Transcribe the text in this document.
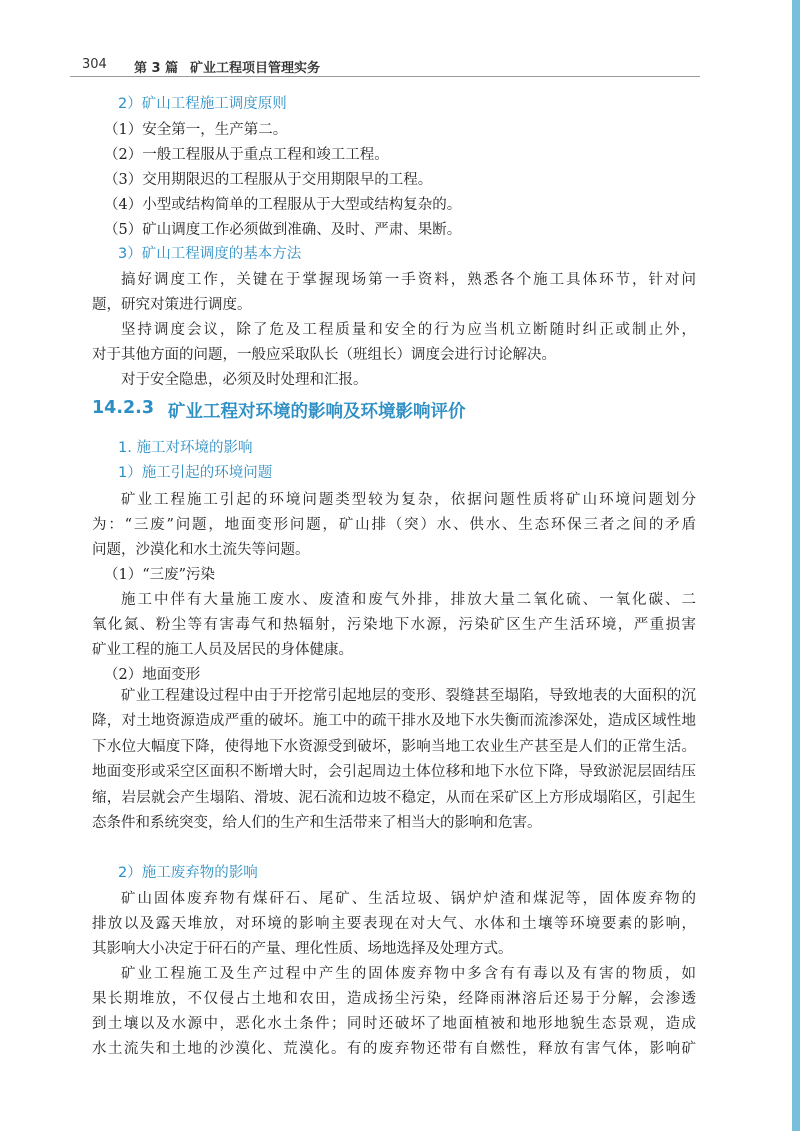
304 第 3 篇 矿业工程项目管理实务
2）矿山工程施工调度原则
（1）安全第一，生产第二。
（2）一般工程服从于重点工程和竣工工程。
（3）交用期限迟的工程服从于交用期限早的工程。
（4）小型或结构简单的工程服从于大型或结构复杂的。
（5）矿山调度工作必须做到准确、及时、严肃、果断。
3）矿山工程调度的基本方法
搞好调度工作，关键在于掌握现场第一手资料，熟悉各个施工具体环节，针对问
题，研究对策进行调度。
坚持调度会议，除了危及工程质量和安全的行为应当机立断随时纠正或制止外，
对于其他方面的问题，一般应采取队长（班组长）调度会进行讨论解决。
对于安全隐患，必须及时处理和汇报。
14.2.3 矿业工程对环境的影响及环境影响评价
1. 施工对环境的影响
1）施工引起的环境问题
矿业工程施工引起的环境问题类型较为复杂，依据问题性质将矿山环境问题划分
为：“三废”问题，地面变形问题，矿山排（突）水、供水、生态环保三者之间的矛盾
问题，沙漠化和水土流失等问题。
（1）“三废”污染
施工中伴有大量施工废水、废渣和废气外排，排放大量二氧化硫、一氧化碳、二
氧化氮、粉尘等有害毒气和热辐射，污染地下水源，污染矿区生产生活环境，严重损害
矿业工程的施工人员及居民的身体健康。
（2）地面变形

矿业工程建设过程中由于开挖常引起地层的变形、裂缝甚至塌陷，导致地表的大面积的沉降，对土地资源造成严重的破坏。施工中的疏干排水及地下水失衡而流渗深处，造成区域性地下水位大幅度下降，使得地下水资源受到破坏，影响当地工农业生产甚至是人们的正常生活。地面变形或采空区面积不断增大时，会引起周边土体位移和地下水位下降，导致淤泥层固结压缩，岩层就会产生塌陷、滑坡、泥石流和边坡不稳定，从而在采矿区上方形成塌陷区，引起生态条件和系统突变，给人们的生产和生活带来了相当大的影响和危害。

2）施工废弃物的影响
矿山固体废弃物有煤矸石、尾矿、生活垃圾、锅炉炉渣和煤泥等，固体废弃物的
排放以及露天堆放，对环境的影响主要表现在对大气、水体和土壤等环境要素的影响，
其影响大小决定于矸石的产量、理化性质、场地选择及处理方式。
矿业工程施工及生产过程中产生的固体废弃物中多含有有毒以及有害的物质，如
果长期堆放，不仅侵占土地和农田，造成扬尘污染，经降雨淋溶后还易于分解，会渗透
到土壤以及水源中，恶化水土条件；同时还破坏了地面植被和地形地貌生态景观，造成
水土流失和土地的沙漠化、荒漠化。有的废弃物还带有自燃性，释放有害气体，影响矿
